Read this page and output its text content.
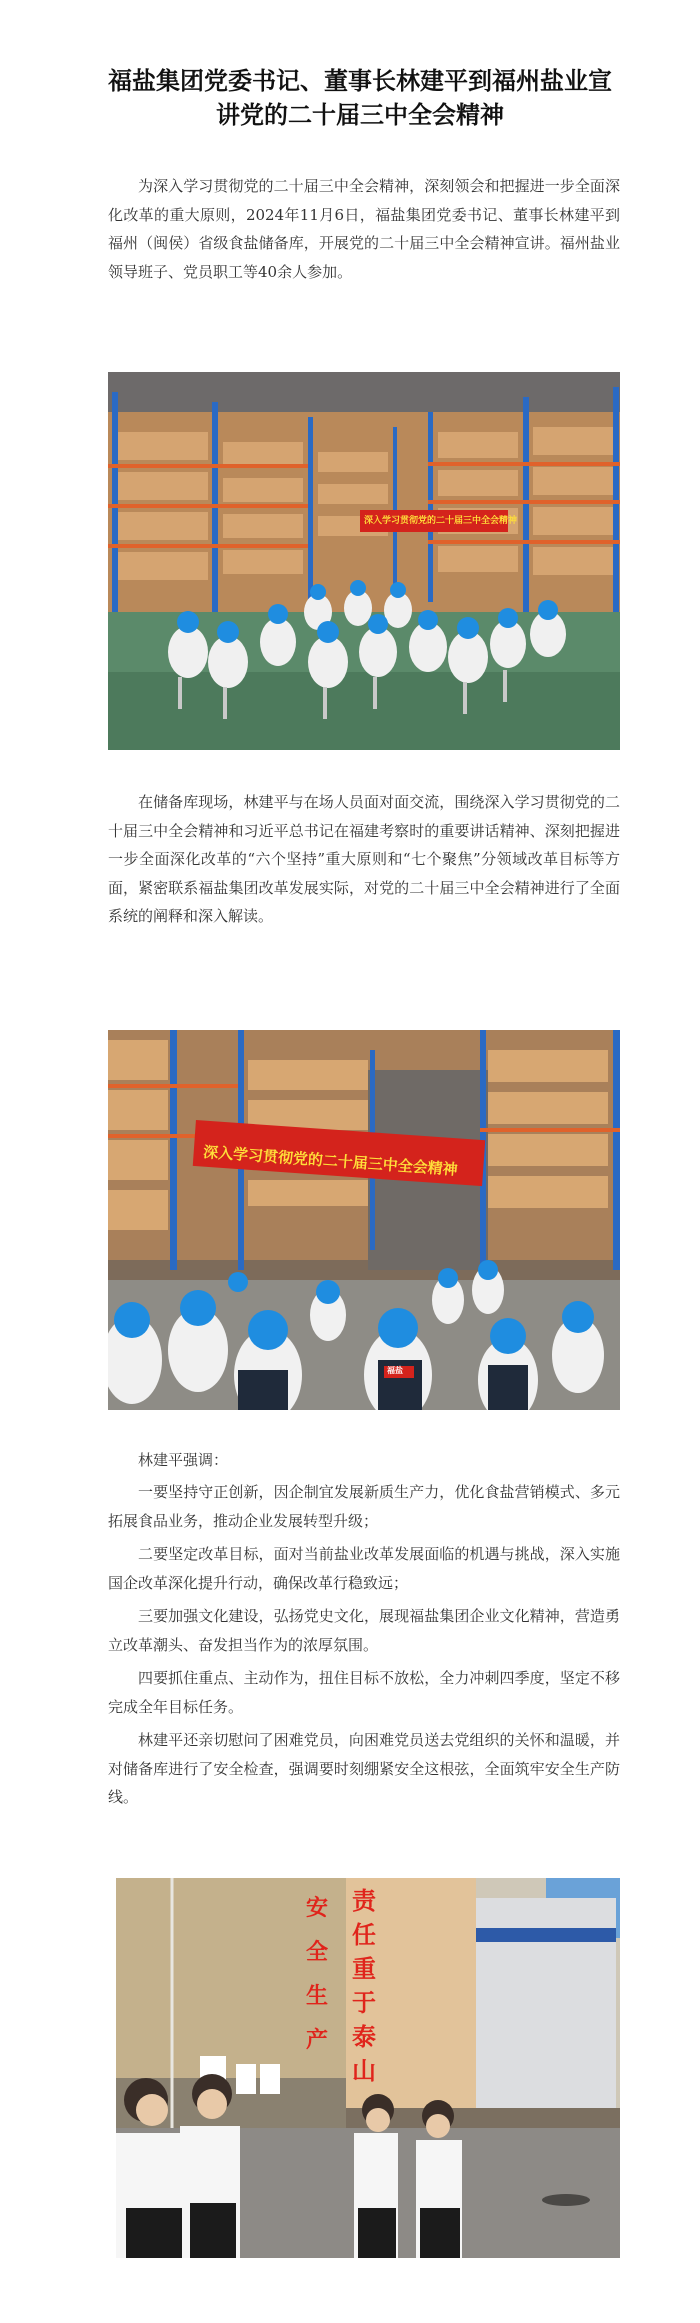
福盐集团党委书记、董事长林建平到福州盐业宣讲党的二十届三中全会精神

为深入学习贯彻党的二十届三中全会精神，深刻领会和把握进一步全面深化改革的重大原则，2024年11月6日，福盐集团党委书记、董事长林建平到福州（闽侯）省级食盐储备库，开展党的二十届三中全会精神宣讲。福州盐业领导班子、党员职工等40余人参加。

深入学习贯彻党的二十届三中全会精神

在储备库现场，林建平与在场人员面对面交流，围绕深入学习贯彻党的二十届三中全会精神和习近平总书记在福建考察时的重要讲话精神、深刻把握进一步全面深化改革的“六个坚持”重大原则和“七个聚焦”分领域改革目标等方面，紧密联系福盐集团改革发展实际，对党的二十届三中全会精神进行了全面系统的阐释和深入解读。

深入学习贯彻党的二十届三中全会精神
福盐

林建平强调：

一要坚持守正创新，因企制宜发展新质生产力，优化食盐营销模式、多元拓展食品业务，推动企业发展转型升级；

二要坚定改革目标，面对当前盐业改革发展面临的机遇与挑战，深入实施国企改革深化提升行动，确保改革行稳致远；

三要加强文化建设，弘扬党史文化，展现福盐集团企业文化精神，营造勇立改革潮头、奋发担当作为的浓厚氛围。

四要抓住重点、主动作为，扭住目标不放松，全力冲刺四季度，坚定不移完成全年目标任务。

林建平还亲切慰问了困难党员，向困难党员送去党组织的关怀和温暖，并对储备库进行了安全检查，强调要时刻绷紧安全这根弦，全面筑牢安全生产防线。

安
全
生
产
责
任
重
于
泰
山
